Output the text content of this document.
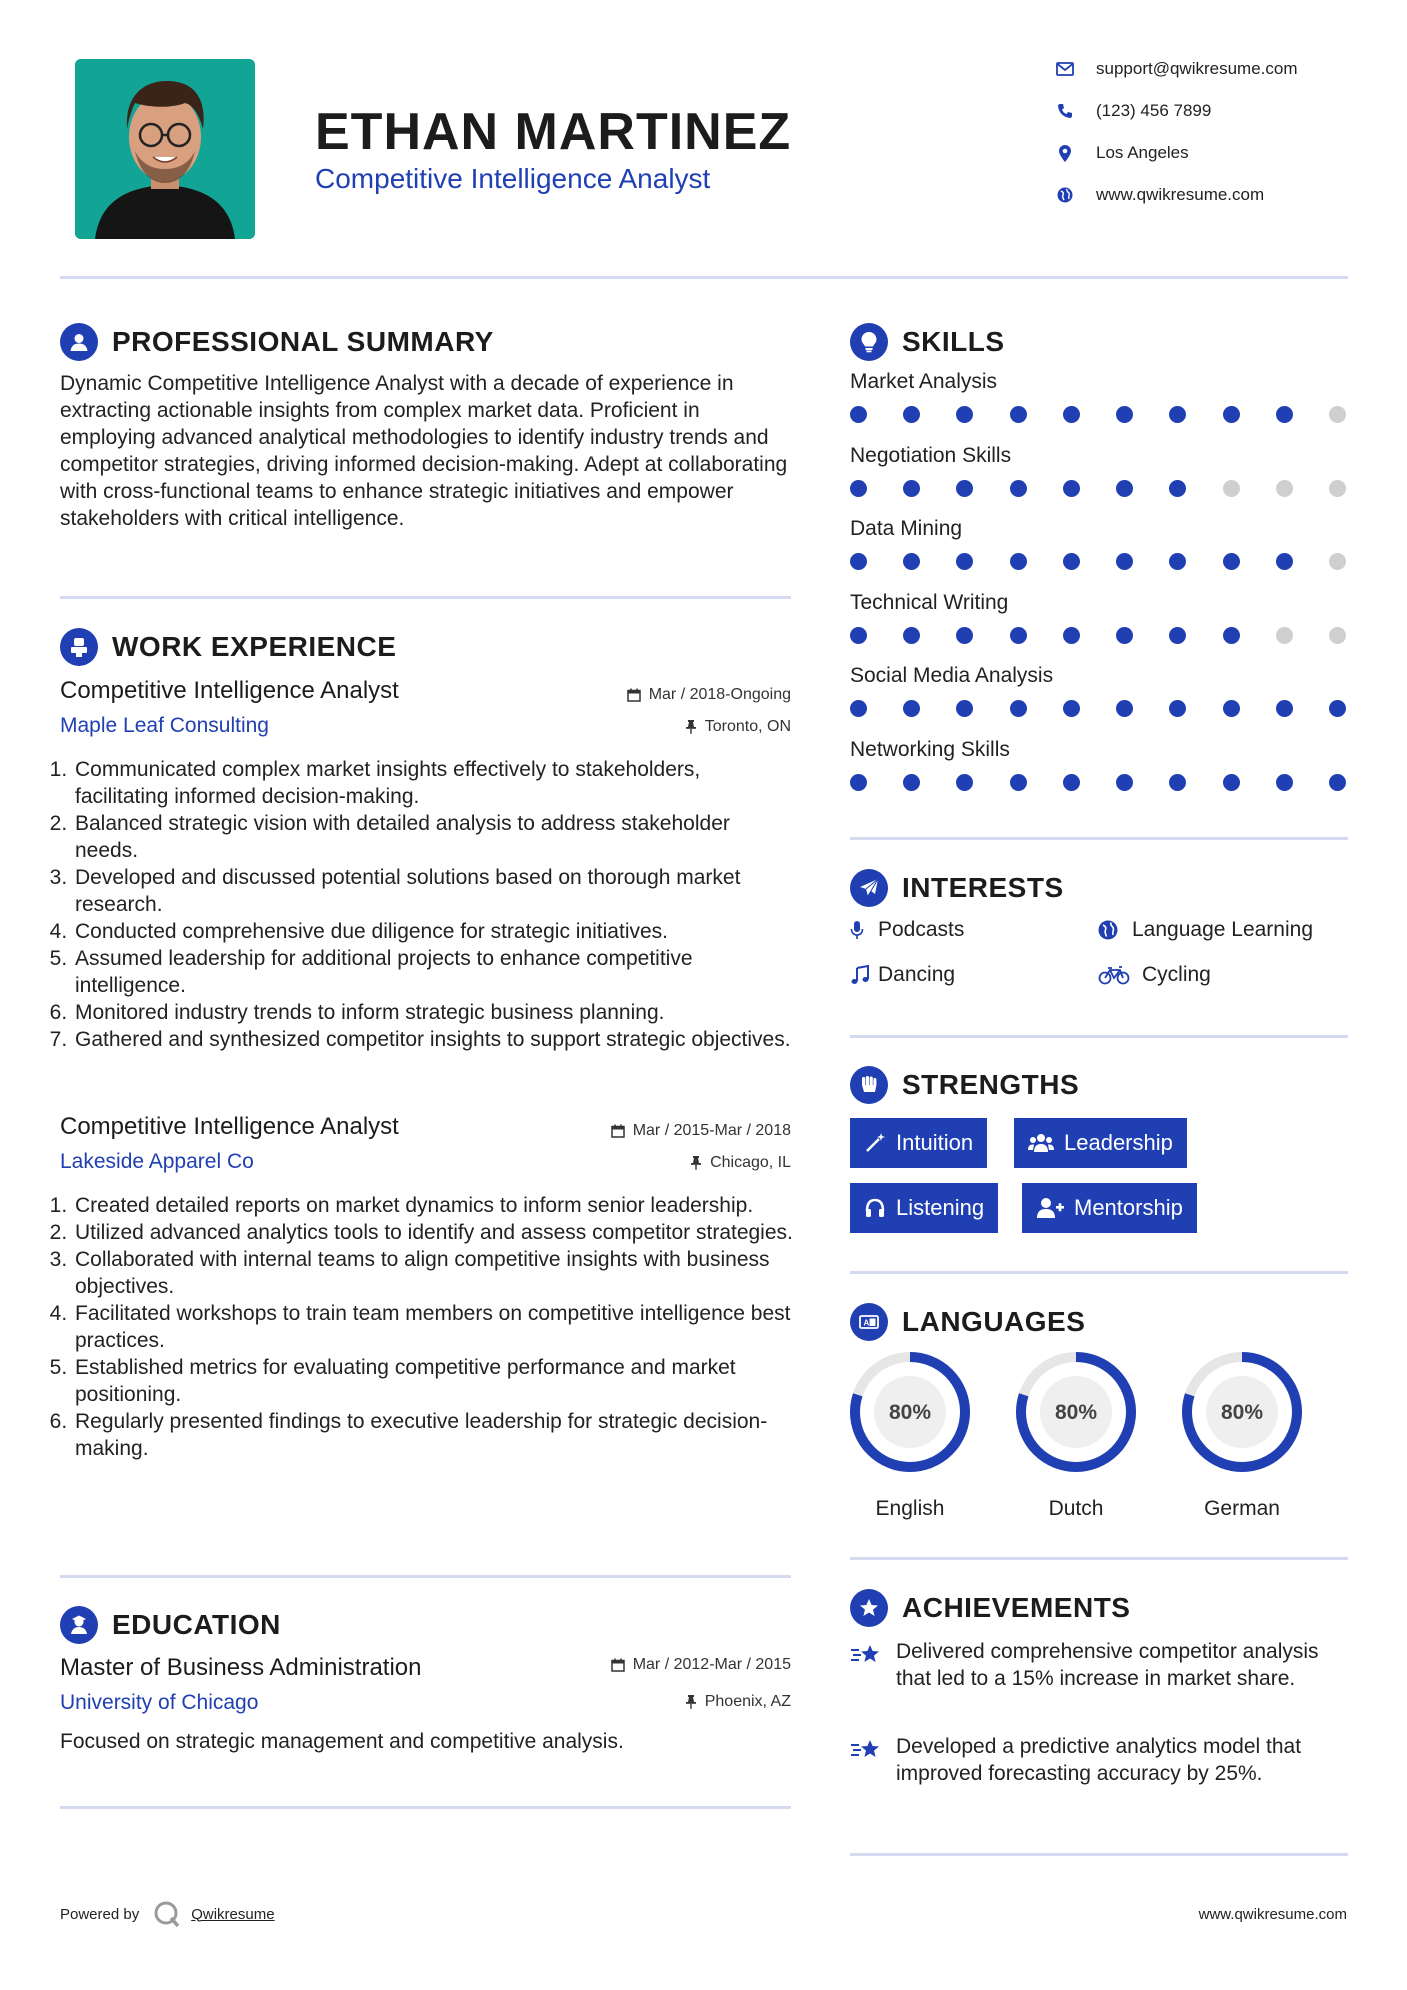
ETHAN MARTINEZ
Competitive Intelligence Analyst
support@qwikresume.com
(123) 456 7899
Los Angeles
www.qwikresume.com
PROFESSIONAL SUMMARY
Dynamic Competitive Intelligence Analyst with a decade of experience in extracting actionable insights from complex market data. Proficient in employing advanced analytical methodologies to identify industry trends and competitor strategies, driving informed decision-making. Adept at collaborating with cross-functional teams to enhance strategic initiatives and empower stakeholders with critical intelligence.
WORK EXPERIENCE
Competitive Intelligence Analyst	Mar / 2018-Ongoing
Maple Leaf Consulting	Toronto, ON
1. Communicated complex market insights effectively to stakeholders, facilitating informed decision-making.
2. Balanced strategic vision with detailed analysis to address stakeholder needs.
3. Developed and discussed potential solutions based on thorough market research.
4. Conducted comprehensive due diligence for strategic initiatives.
5. Assumed leadership for additional projects to enhance competitive intelligence.
6. Monitored industry trends to inform strategic business planning.
7. Gathered and synthesized competitor insights to support strategic objectives.
Competitive Intelligence Analyst	Mar / 2015-Mar / 2018
Lakeside Apparel Co	Chicago, IL
1. Created detailed reports on market dynamics to inform senior leadership.
2. Utilized advanced analytics tools to identify and assess competitor strategies.
3. Collaborated with internal teams to align competitive insights with business objectives.
4. Facilitated workshops to train team members on competitive intelligence best practices.
5. Established metrics for evaluating competitive performance and market positioning.
6. Regularly presented findings to executive leadership for strategic decision-making.
EDUCATION
Master of Business Administration	Mar / 2012-Mar / 2015
University of Chicago	Phoenix, AZ
Focused on strategic management and competitive analysis.
SKILLS
Market Analysis
Negotiation Skills
Data Mining
Technical Writing
Social Media Analysis
Networking Skills
INTERESTS
Podcasts	Language Learning
Dancing	Cycling
STRENGTHS
Intuition	Leadership
Listening	Mentorship
A LANGUAGES
80%
English
80%
Dutch
80%
German
ACHIEVEMENTS
Delivered comprehensive competitor analysis that led to a 15% increase in market share.
Developed a predictive analytics model that improved forecasting accuracy by 25%.
Powered by	Qwikresume	www.qwikresume.com
